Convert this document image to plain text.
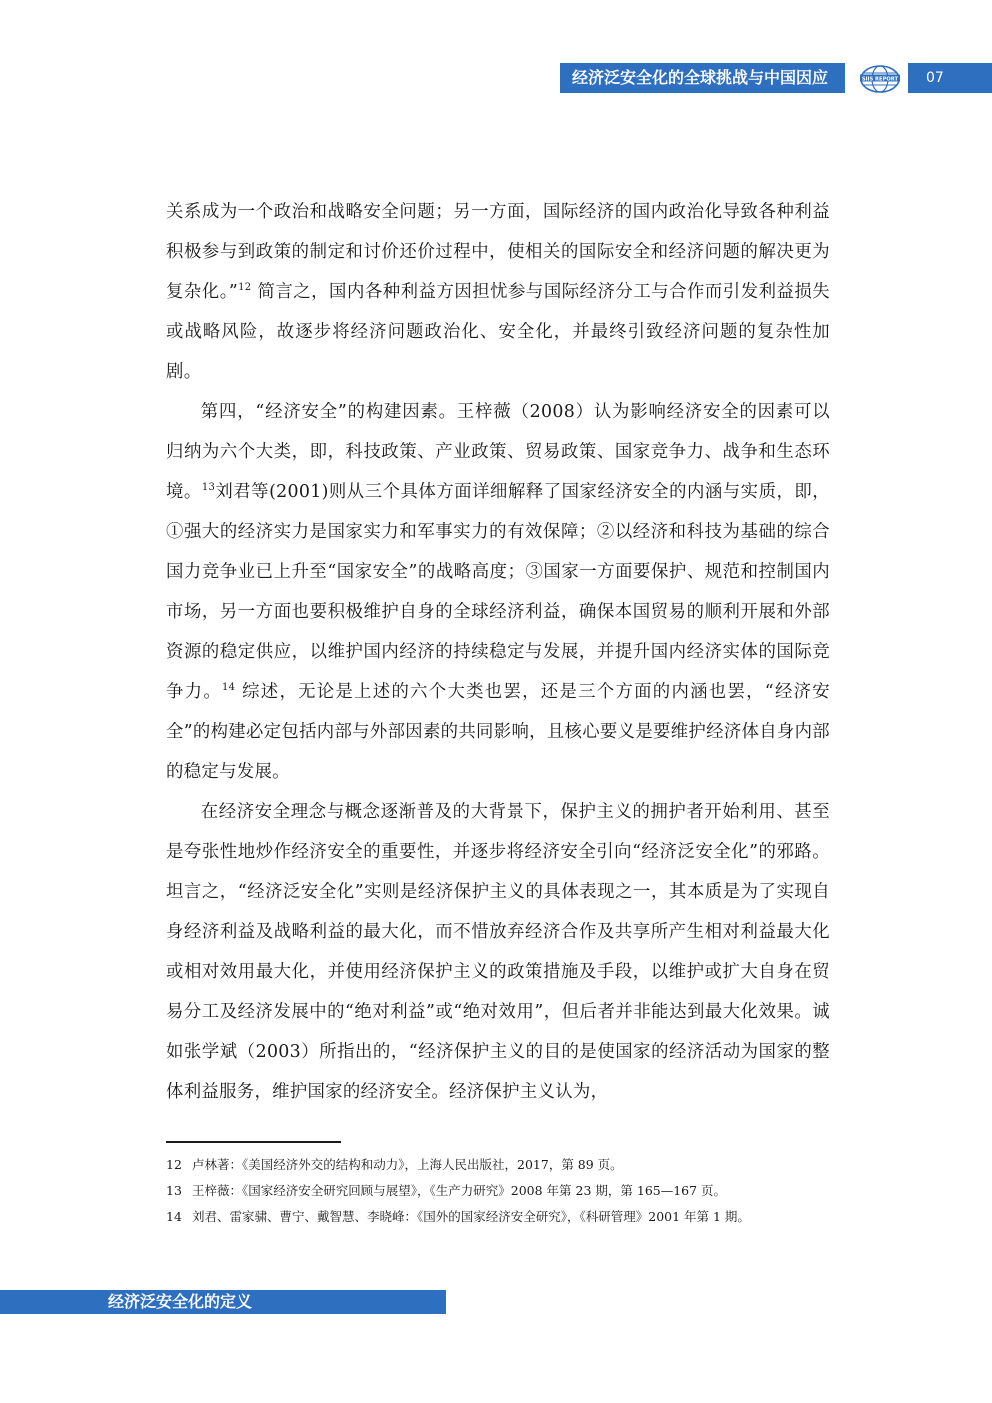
经济泛安全化的全球挑战与中国因应	SIIS REPORT 07

关系成为一个政治和战略安全问题；另一方面，国际经济的国内政治化导致各种利益积极参与到政策的制定和讨价还价过程中，使相关的国际安全和经济问题的解决更为复杂化。”$^{12}$ 简言之，国内各种利益方因担忧参与国际经济分工与合作而引发利益损失或战略风险，故逐步将经济问题政治化、安全化，并最终引致经济问题的复杂性加剧。

第四，“经济安全”的构建因素。王梓薇（2008）认为影响经济安全的因素可以归纳为六个大类，即，科技政策、产业政策、贸易政策、国家竞争力、战争和生态环境。$^{13}$刘君等(2001)则从三个具体方面详细解释了国家经济安全的内涵与实质，即，①强大的经济实力是国家实力和军事实力的有效保障；②以经济和科技为基础的综合国力竞争业已上升至“国家安全”的战略高度；③国家一方面要保护、规范和控制国内市场，另一方面也要积极维护自身的全球经济利益，确保本国贸易的顺利开展和外部资源的稳定供应，以维护国内经济的持续稳定与发展，并提升国内经济实体的国际竞争力。$^{14}$ 综述，无论是上述的六个大类也罢，还是三个方面的内涵也罢，“经济安全”的构建必定包括内部与外部因素的共同影响，且核心要义是要维护经济体自身内部的稳定与发展。

在经济安全理念与概念逐渐普及的大背景下，保护主义的拥护者开始利用、甚至是夸张性地炒作经济安全的重要性，并逐步将经济安全引向“经济泛安全化”的邪路。坦言之，“经济泛安全化”实则是经济保护主义的具体表现之一，其本质是为了实现自身经济利益及战略利益的最大化，而不惜放弃经济合作及共享所产生相对利益最大化或相对效用最大化，并使用经济保护主义的政策措施及手段，以维护或扩大自身在贸易分工及经济发展中的“绝对利益”或“绝对效用”，但后者并非能达到最大化效果。诚如张学斌（2003）所指出的，“经济保护主义的目的是使国家的经济活动为国家的整体利益服务，维护国家的经济安全。经济保护主义认为，

12 卢林著：《美国经济外交的结构和动力》，上海人民出版社，2017，第 89 页。
13 王梓薇：《国家经济安全研究回顾与展望》，《生产力研究》2008 年第 23 期，第 165—167 页。
14 刘君、雷家骕、曹宁、戴智慧、李晓峰：《国外的国家经济安全研究》，《科研管理》2001 年第 1 期。
经济泛安全化的定义
